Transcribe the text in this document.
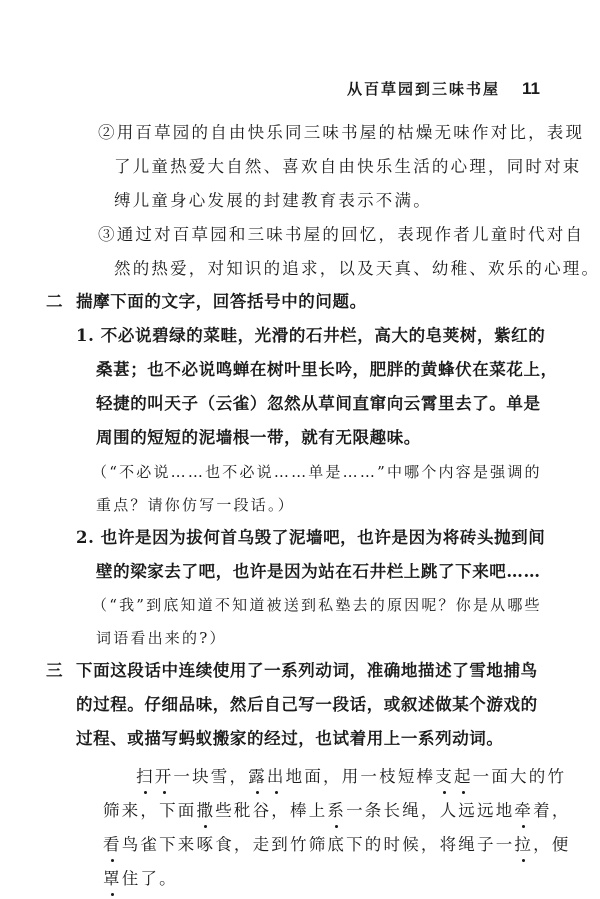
从百草园到三味书屋 11
②用百草园的自由快乐同三味书屋的枯燥无味作对比，表现
了儿童热爱大自然、喜欢自由快乐生活的心理，同时对束
缚儿童身心发展的封建教育表示不满。
③通过对百草园和三味书屋的回忆，表现作者儿童时代对自
然的热爱，对知识的追求，以及天真、幼稚、欢乐的心理。
二 揣摩下面的文字，回答括号中的问题。
1. 不必说碧绿的菜畦，光滑的石井栏，高大的皂荚树，紫红的
桑葚；也不必说鸣蝉在树叶里长吟，肥胖的黄蜂伏在菜花上，
轻捷的叫天子（云雀）忽然从草间直窜向云霄里去了。单是
周围的短短的泥墙根一带，就有无限趣味。
（“不必说……也不必说……单是……”中哪个内容是强调的
重点？请你仿写一段话。）
2. 也许是因为拔何首乌毁了泥墙吧，也许是因为将砖头抛到间
壁的梁家去了吧，也许是因为站在石井栏上跳了下来吧……
（“我”到底知道不知道被送到私塾去的原因呢？你是从哪些
词语看出来的?）
三 下面这段话中连续使用了一系列动词，准确地描述了雪地捕鸟
的过程。仔细品味，然后自己写一段话，或叙述做某个游戏的
过程、或描写蚂蚁搬家的经过，也试着用上一系列动词。
扫开一块雪，露出地面，用一枝短棒支起一面大的竹
筛来，下面撒些秕谷，棒上系一条长绳，人远远地牵着，
看鸟雀下来啄食，走到竹筛底下的时候，将绳子一拉，便
罩住了。
